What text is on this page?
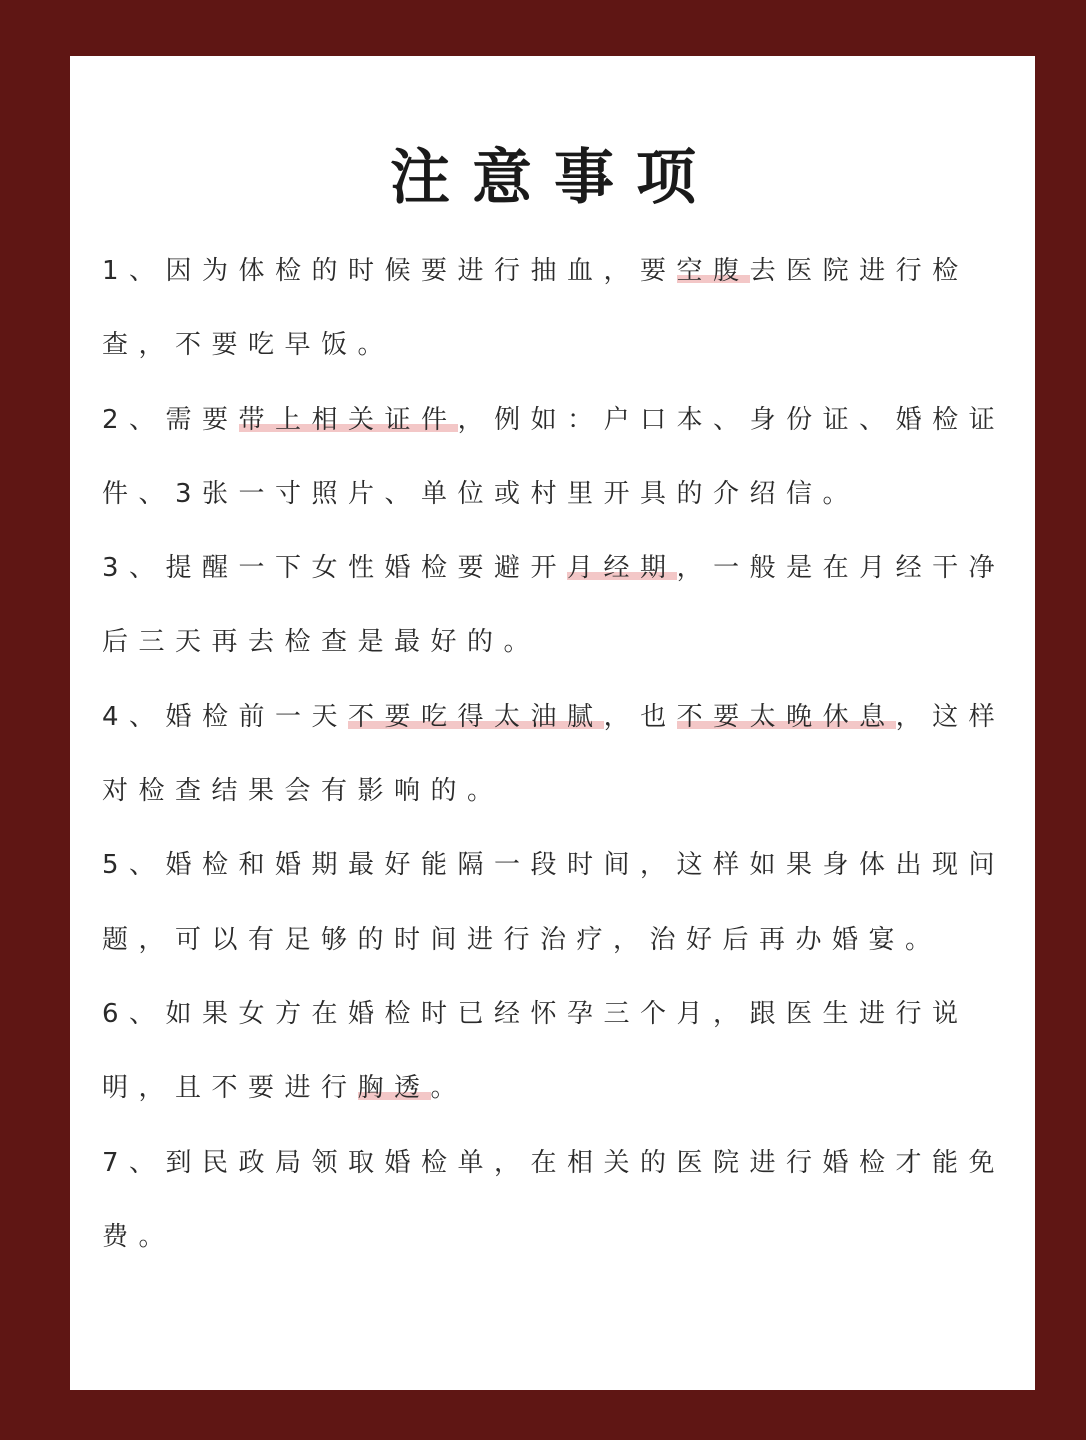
注意事项
1、因为体检的时候要进行抽血，要空腹去医院进行检查，不要吃早饭。
2、需要带上相关证件，例如：户口本、身份证、婚检证件、3张一寸照片、单位或村里开具的介绍信。
3、提醒一下女性婚检要避开月经期，一般是在月经干净后三天再去检查是最好的。
4、婚检前一天不要吃得太油腻，也不要太晚休息，这样对检查结果会有影响的。
5、婚检和婚期最好能隔一段时间，这样如果身体出现问题，可以有足够的时间进行治疗，治好后再办婚宴。
6、如果女方在婚检时已经怀孕三个月，跟医生进行说明，且不要进行胸透。
7、到民政局领取婚检单，在相关的医院进行婚检才能免费。
